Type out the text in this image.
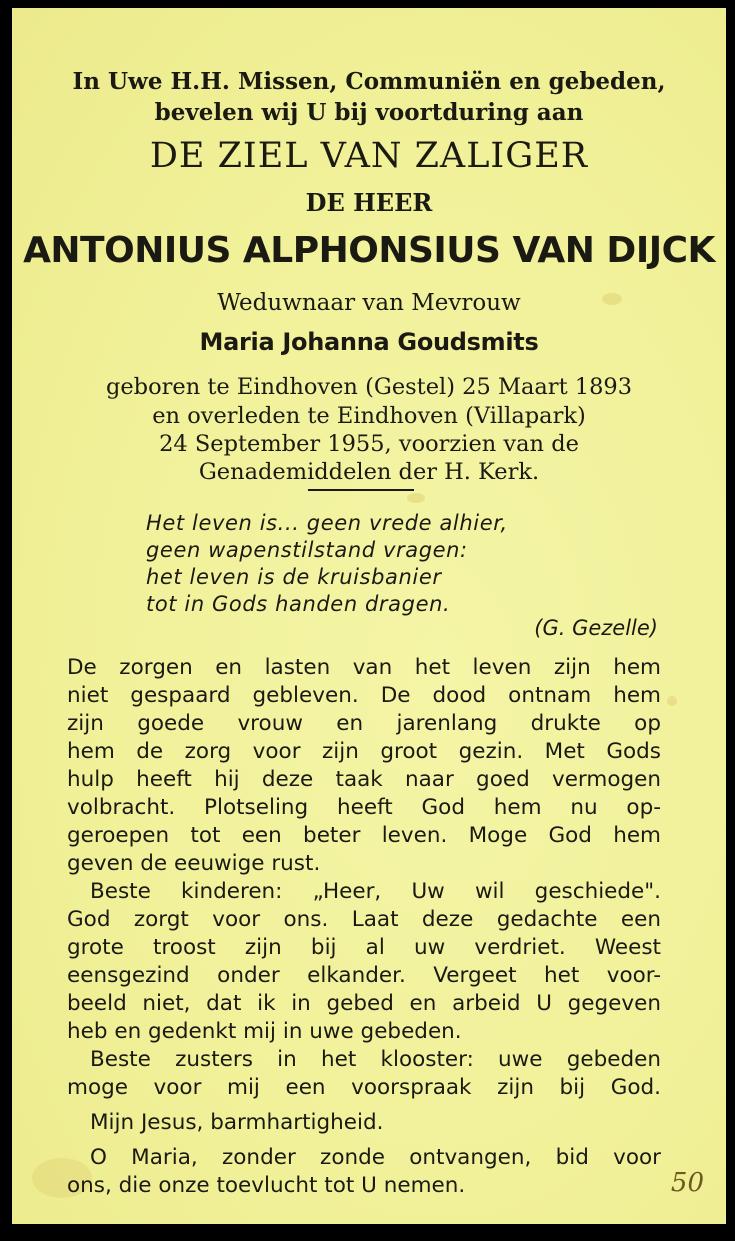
In Uwe H.H. Missen, Communiën en gebeden,
bevelen wij U bij voortduring aan
DE ZIEL VAN ZALIGER
DE HEER
ANTONIUS ALPHONSIUS VAN DIJCK
Weduwnaar van Mevrouw
Maria Johanna Goudsmits
geboren te Eindhoven (Gestel) 25 Maart 1893
en overleden te Eindhoven (Villapark)
24 September 1955, voorzien van de
Genademiddelen der H. Kerk.
Het leven is... geen vrede alhier,
geen wapenstilstand vragen:
het leven is de kruisbanier
tot in Gods handen dragen.
(G. Gezelle)
De zorgen en lasten van het leven zijn hem
niet gespaard gebleven. De dood ontnam hem
zijn goede vrouw en jarenlang drukte op
hem de zorg voor zijn groot gezin. Met Gods
hulp heeft hij deze taak naar goed vermogen
volbracht. Plotseling heeft God hem nu op-
geroepen tot een beter leven. Moge God hem
geven de eeuwige rust.
Beste kinderen: „Heer, Uw wil geschiede".
God zorgt voor ons. Laat deze gedachte een
grote troost zijn bij al uw verdriet. Weest
eensgezind onder elkander. Vergeet het voor-
beeld niet, dat ik in gebed en arbeid U gegeven
heb en gedenkt mij in uwe gebeden.
Beste zusters in het klooster: uwe gebeden
moge voor mij een voorspraak zijn bij God.
Mijn Jesus, barmhartigheid.
O Maria, zonder zonde ontvangen, bid voor
ons, die onze toevlucht tot U nemen.	50
